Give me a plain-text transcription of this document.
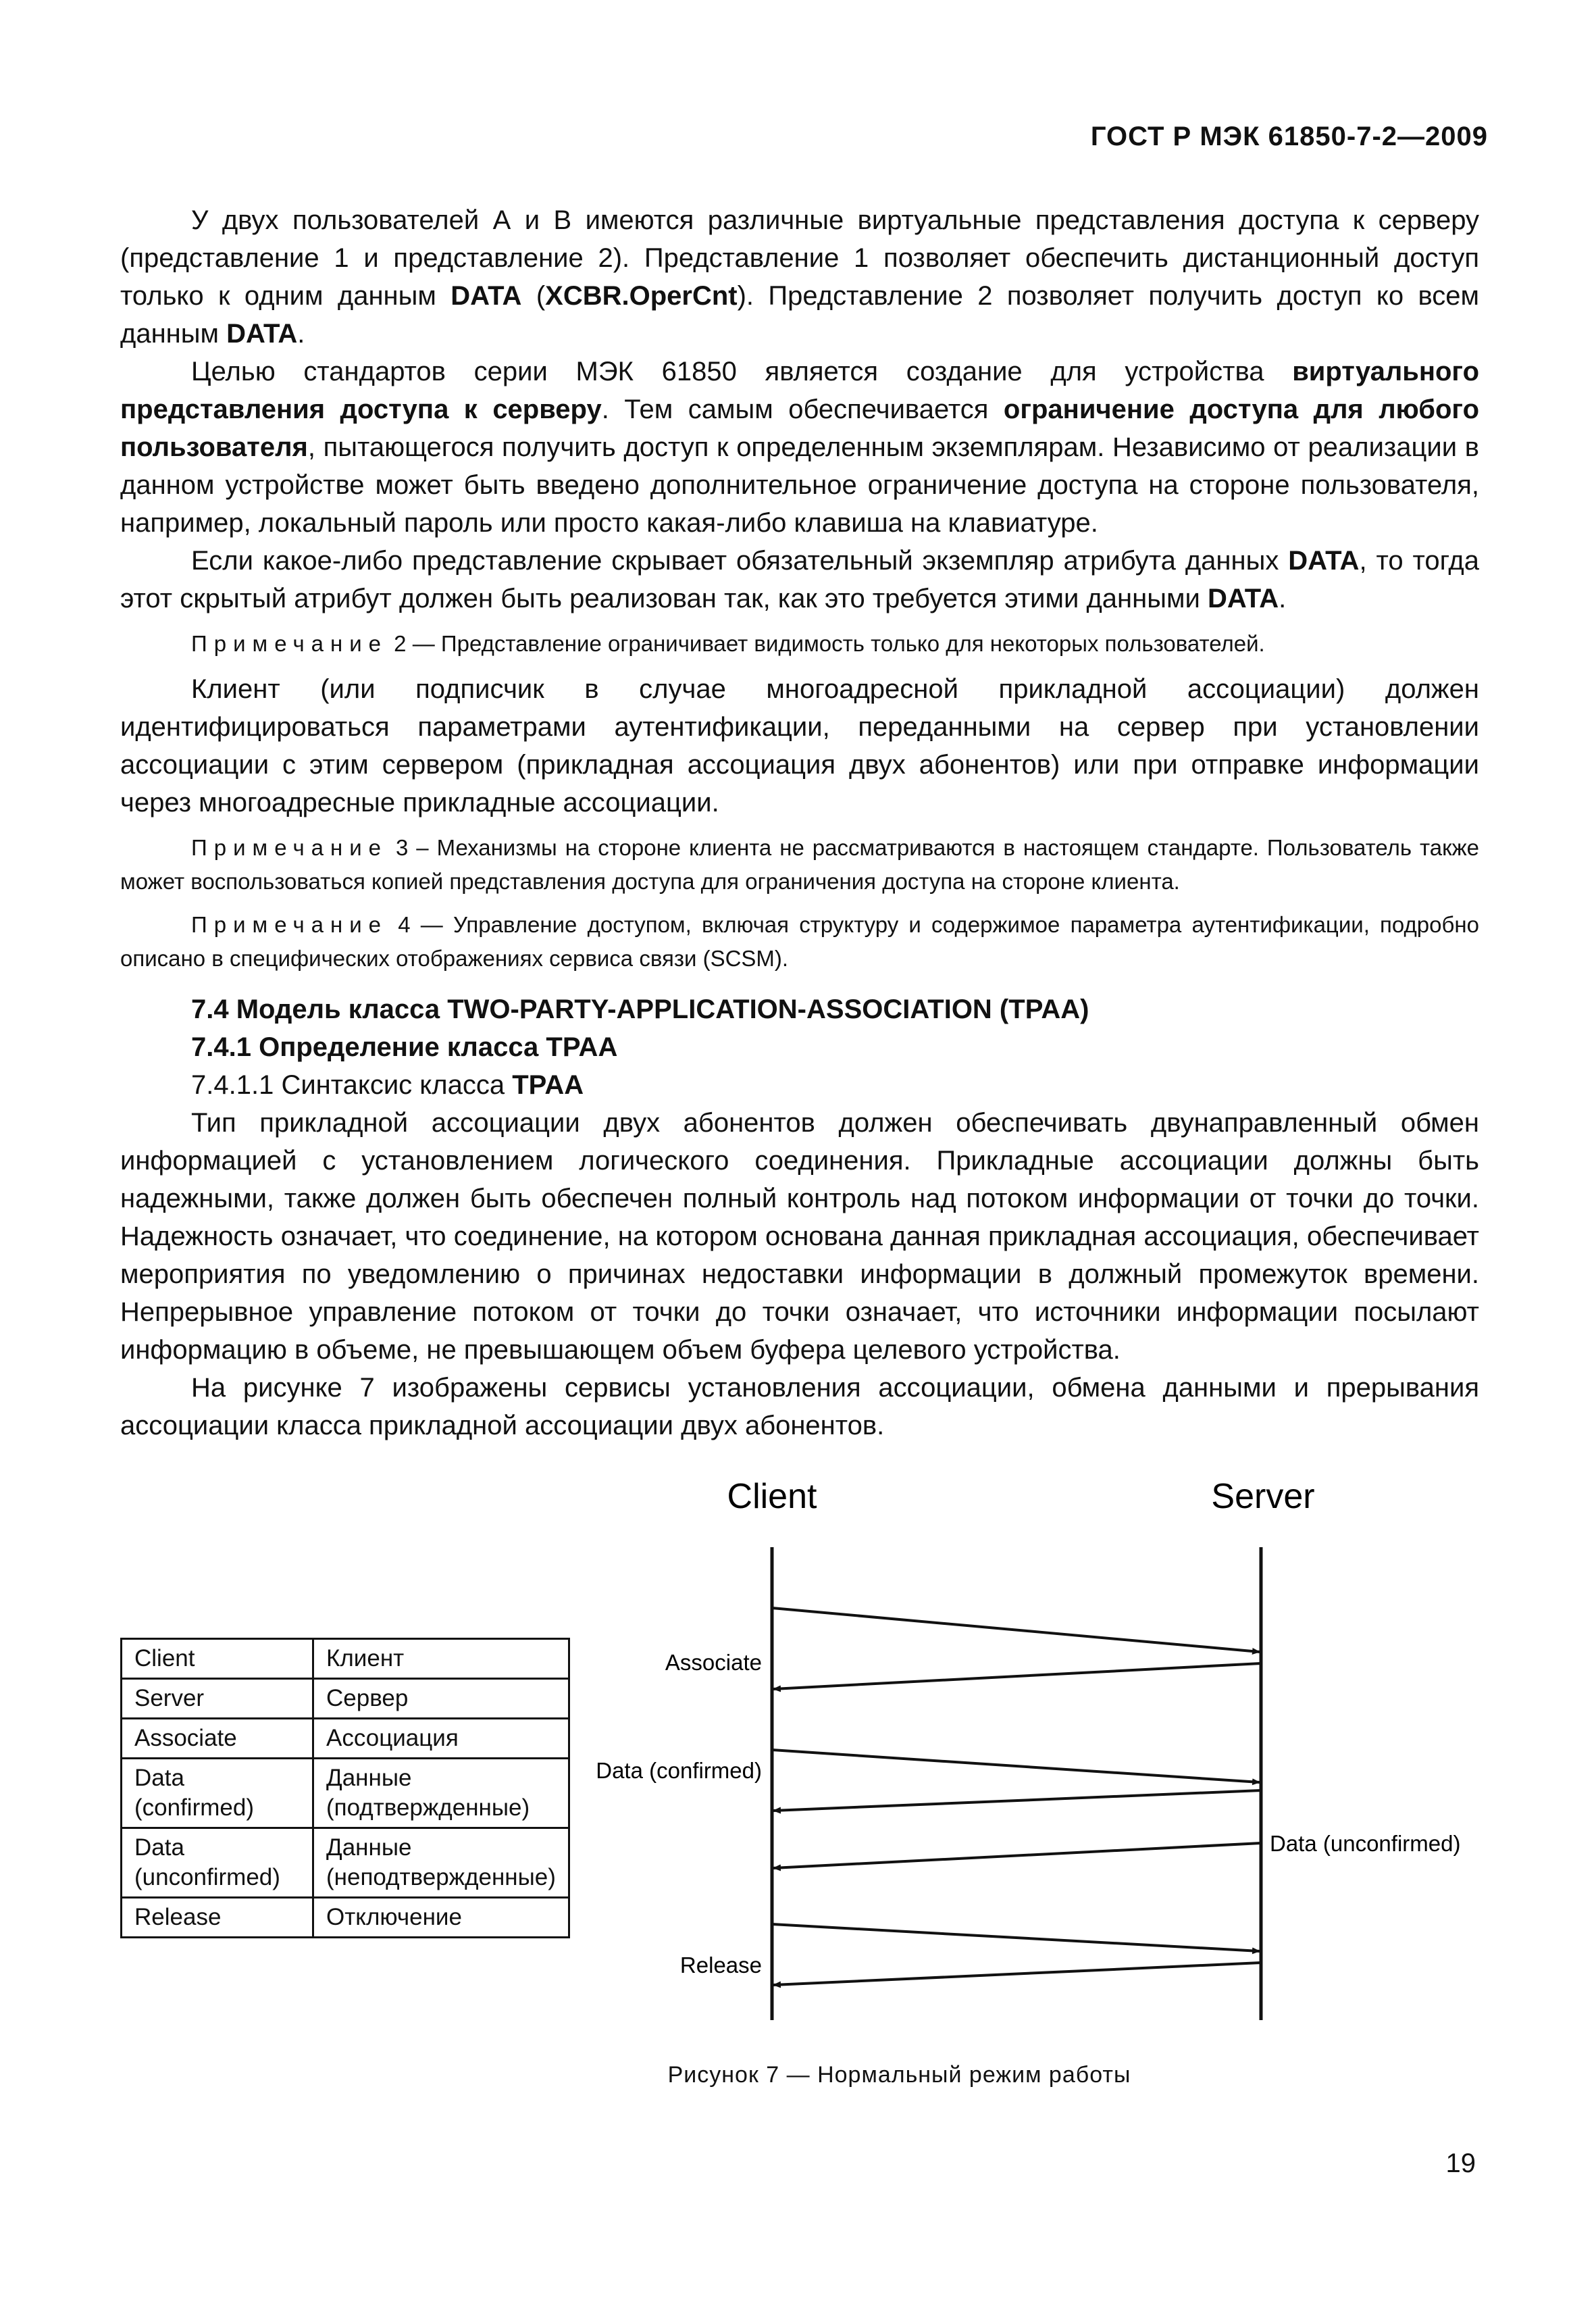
ГОСТ Р МЭК 61850-7-2—2009

У двух пользователей А и В имеются различные виртуальные представления доступа к серверу (представление 1 и представление 2). Представление 1 позволяет обеспечить дистанционный доступ только к одним данным DATA (XCBR.OperCnt). Представление 2 позволяет получить доступ ко всем данным DATA.

Целью стандартов серии МЭК 61850 является создание для устройства виртуального представления доступа к серверу. Тем самым обеспечивается ограничение доступа для любого пользователя, пытающегося получить доступ к определенным экземплярам. Независимо от реализации в данном устройстве может быть введено дополнительное ограничение доступа на стороне пользователя, например, локальный пароль или просто какая-либо клавиша на клавиатуре.

Если какое-либо представление скрывает обязательный экземпляр атрибута данных DATA, то тогда этот скрытый атрибут должен быть реализован так, как это требуется этими данными DATA.

Примечание 2 — Представление ограничивает видимость только для некоторых пользователей.

Клиент (или подписчик в случае многоадресной прикладной ассоциации) должен идентифицироваться параметрами аутентификации, переданными на сервер при установлении ассоциации с этим сервером (прикладная ассоциация двух абонентов) или при отправке информации через многоадресные прикладные ассоциации.

Примечание 3 – Механизмы на стороне клиента не рассматриваются в настоящем стандарте. Пользователь также может воспользоваться копией представления доступа для ограничения доступа на стороне клиента.

Примечание 4 — Управление доступом, включая структуру и содержимое параметра аутентификации, подробно описано в специфических отображениях сервиса связи (SCSM).

7.4 Модель класса TWO-PARTY-APPLICATION-ASSOCIATION (TPAA)

7.4.1 Определение класса TPAA

7.4.1.1 Синтаксис класса TPAA

Тип прикладной ассоциации двух абонентов должен обеспечивать двунаправленный обмен информацией с установлением логического соединения. Прикладные ассоциации должны быть надежными, также должен быть обеспечен полный контроль над потоком информации от точки до точки. Надежность означает, что соединение, на котором основана данная прикладная ассоциация, обеспечивает мероприятия по уведомлению о причинах недоставки информации в должный промежуток времени. Непрерывное управление потоком от точки до точки означает, что источники информации посылают информацию в объеме, не превышающем объем буфера целевого устройства.

На рисунке 7 изображены сервисы установления ассоциации, обмена данными и прерывания ассоциации класса прикладной ассоциации двух абонентов.

Client	Клиент
Server	Сервер
Associate	Ассоциация
Data (confirmed)	Данные (подтвержденные)
Data (unconfirmed)	Данные (неподтвержденные)
Release	Отключение
Client	Server
Associate
Data (confirmed)
Data (unconfirmed)
Release
Рисунок 7 — Нормальный режим работы
19
